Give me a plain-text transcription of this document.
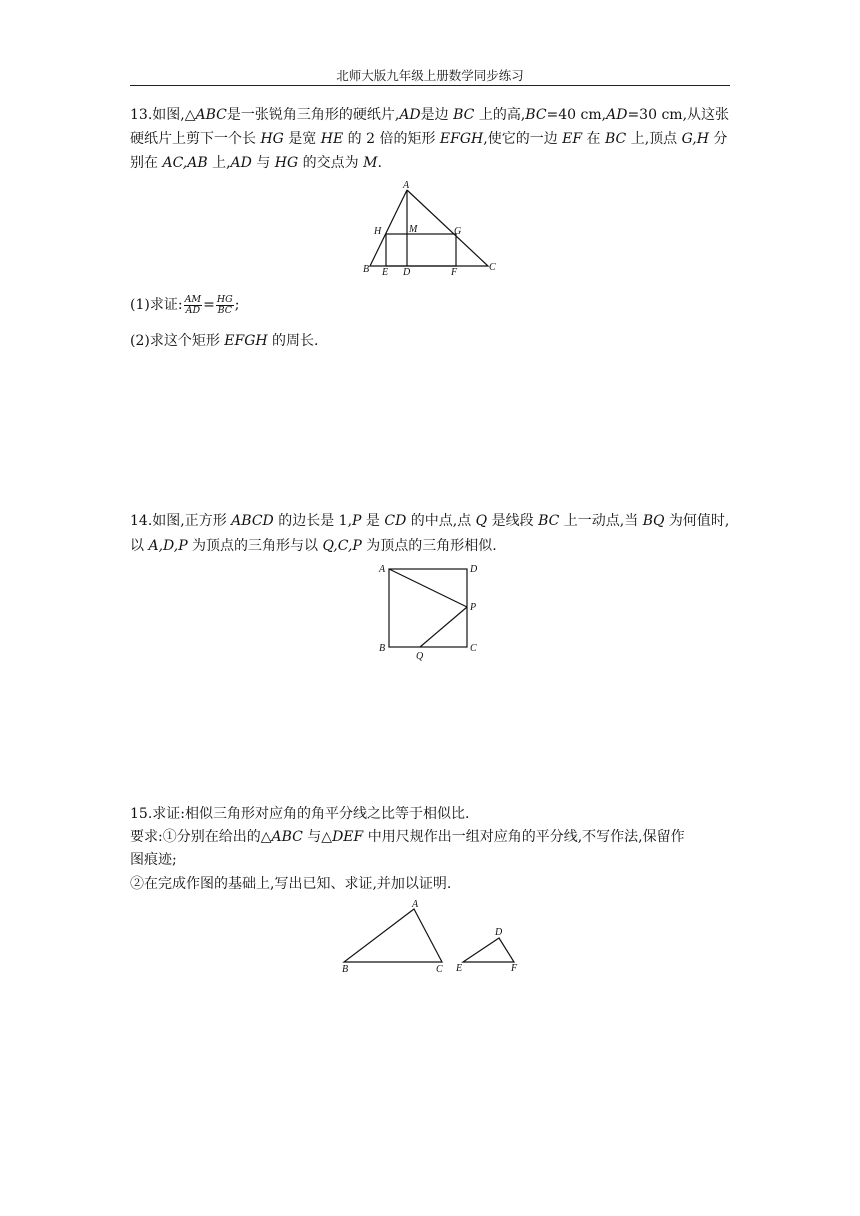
北师大版九年级上册数学同步练习
13.如图,△ABC是一张锐角三角形的硬纸片,AD是边 BC 上的高,BC=40 cm,AD=30 cm,从这张
硬纸片上剪下一个长 HG 是宽 HE 的 2 倍的矩形 EFGH,使它的一边 EF 在 BC 上,顶点 G,H 分
别在 AC,AB 上,AD 与 HG 的交点为 M.
A
H	M	G
B E D	F	C
(1)求证: $\frac{AM}{AD} = \frac{HG}{BC}$ ;
(2)求这个矩形 EFGH 的周长.
14.如图,正方形 ABCD 的边长是 1,P 是 CD 的中点,点 Q 是线段 BC 上一动点,当 BQ 为何值时,
以 A,D,P 为顶点的三角形与以 Q,C,P 为顶点的三角形相似.
A	D
P
B
Q
C
15.求证:相似三角形对应角的角平分线之比等于相似比.
要求:①分别在给出的△ABC 与△DEF 中用尺规作出一组对应角的平分线,不写作法,保留作
图痕迹;
②在完成作图的基础上,写出已知、求证,并加以证明.
A
B	C
D
E	F
